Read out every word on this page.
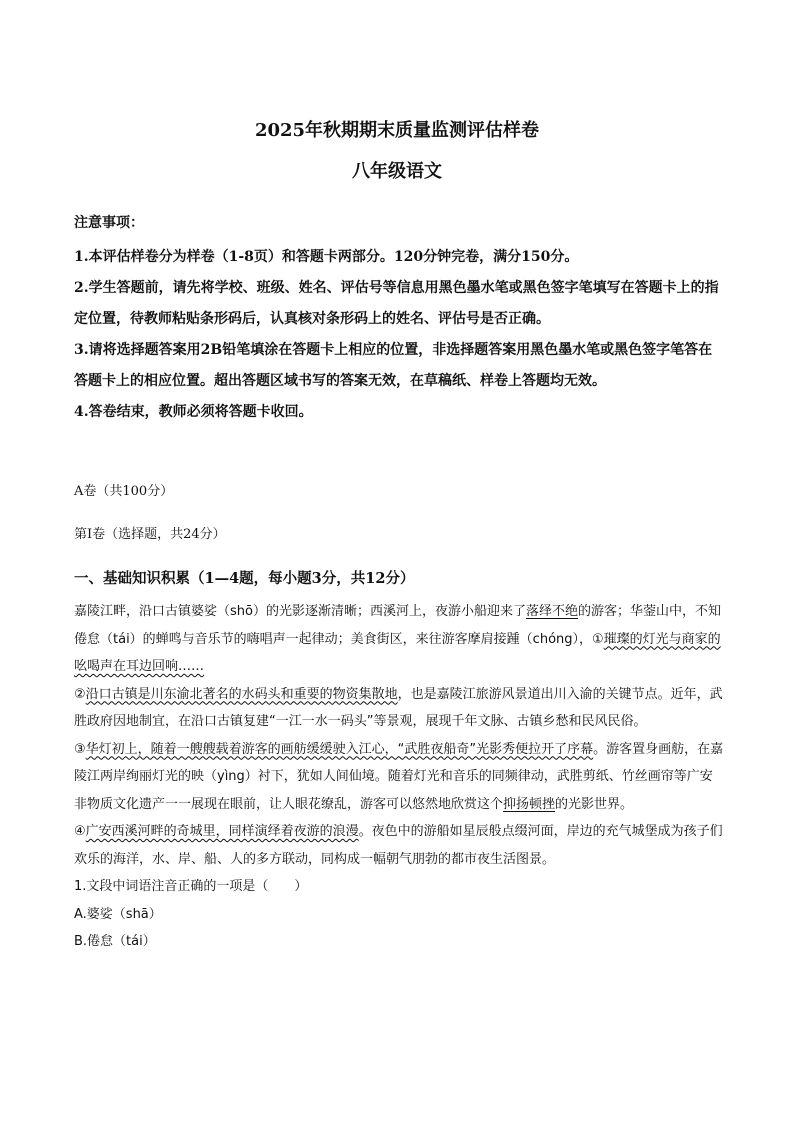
2025年秋期期末质量监测评估样卷
八年级语文
注意事项：

1.本评估样卷分为样卷（1-8页）和答题卡两部分。120分钟完卷，满分150分。

2.学生答题前，请先将学校、班级、姓名、评估号等信息用黑色墨水笔或黑色签字笔填写在答题卡上的指定位置，待教师粘贴条形码后，认真核对条形码上的姓名、评估号是否正确。

3.请将选择题答案用2B铅笔填涂在答题卡上相应的位置，非选择题答案用黑色墨水笔或黑色签字笔答在答题卡上的相应位置。超出答题区域书写的答案无效，在草稿纸、样卷上答题均无效。

4.答卷结束，教师必须将答题卡收回。

A卷（共100分）
第Ⅰ卷（选择题，共24分）
一、基础知识积累（1—4题，每小题3分，共12分）

嘉陵江畔，沿口古镇婆娑（shō）的光影逐渐清晰；西溪河上，夜游小船迎来了落绎不绝的游客；华蓥山中，不知倦怠（tái）的蝉鸣与音乐节的嗨唱声一起律动；美食街区，来往游客摩肩接踵（chóng），①璀璨的灯光与商家的吆喝声在耳边回响……

②沿口古镇是川东渝北著名的水码头和重要的物资集散地，也是嘉陵江旅游风景道出川入渝的关键节点。近年，武胜政府因地制宜，在沿口古镇复建“一江一水一码头”等景观，展现千年文脉、古镇乡愁和民风民俗。

③华灯初上，随着一艘艘载着游客的画舫缓缓驶入江心，“武胜夜船奇”光影秀便拉开了序幕。游客置身画舫，在嘉陵江两岸绚丽灯光的映（yìng）衬下，犹如人间仙境。随着灯光和音乐的同频律动，武胜剪纸、竹丝画帘等广安非物质文化遗产一一展现在眼前，让人眼花缭乱，游客可以悠然地欣赏这个抑扬顿挫的光影世界。

④广安西溪河畔的奇城里，同样演绎着夜游的浪漫。夜色中的游船如星辰般点缀河面，岸边的充气城堡成为孩子们欢乐的海洋，水、岸、船、人的多方联动，同构成一幅朝气朋勃的都市夜生活图景。

1.文段中词语注音正确的一项是（　　）

A.婆娑（shā）

B.倦怠（tái）
